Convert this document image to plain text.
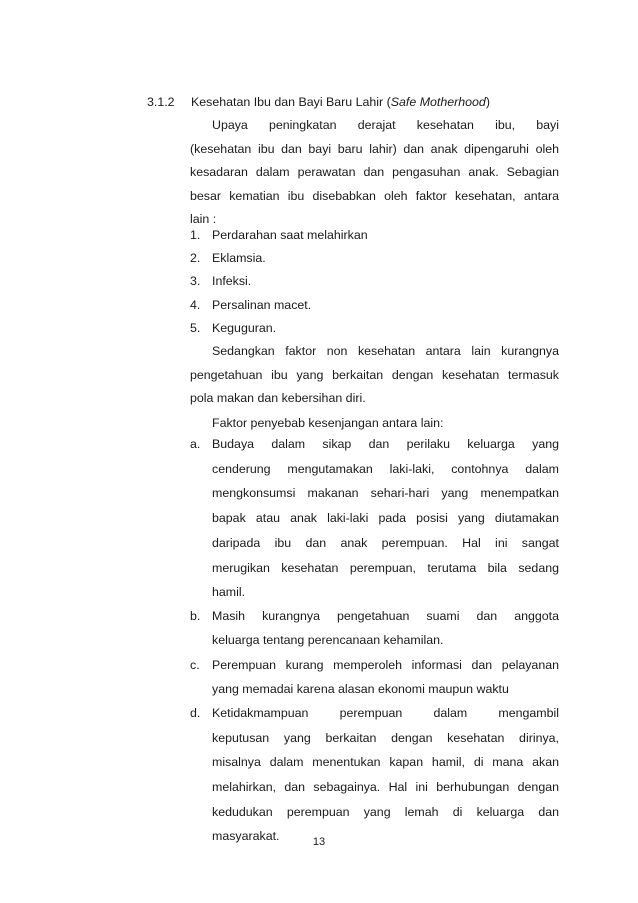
3.1.2 Kesehatan Ibu dan Bayi Baru Lahir (Safe Motherhood)
Upaya peningkatan derajat kesehatan ibu, bayi
(kesehatan ibu dan bayi baru lahir) dan anak dipengaruhi oleh
kesadaran dalam perawatan dan pengasuhan anak. Sebagian
besar kematian ibu disebabkan oleh faktor kesehatan, antara
lain :
1. Perdarahan saat melahirkan
2. Eklamsia.
3. Infeksi.
4. Persalinan macet.
5. Keguguran.
Sedangkan faktor non kesehatan antara lain kurangnya
pengetahuan ibu yang berkaitan dengan kesehatan termasuk
pola makan dan kebersihan diri.
Faktor penyebab kesenjangan antara lain:
a. Budaya dalam sikap dan perilaku keluarga yang
cenderung mengutamakan laki-laki, contohnya dalam
mengkonsumsi makanan sehari-hari yang menempatkan
bapak atau anak laki-laki pada posisi yang diutamakan
daripada ibu dan anak perempuan. Hal ini sangat
merugikan kesehatan perempuan, terutama bila sedang
hamil.
b. Masih kurangnya pengetahuan suami dan anggota
keluarga tentang perencanaan kehamilan.
c. Perempuan kurang memperoleh informasi dan pelayanan
yang memadai karena alasan ekonomi maupun waktu
d. Ketidakmampuan perempuan dalam mengambil
keputusan yang berkaitan dengan kesehatan dirinya,
misalnya dalam menentukan kapan hamil, di mana akan
melahirkan, dan sebagainya. Hal ini berhubungan dengan
kedudukan perempuan yang lemah di keluarga dan
masyarakat.	13
